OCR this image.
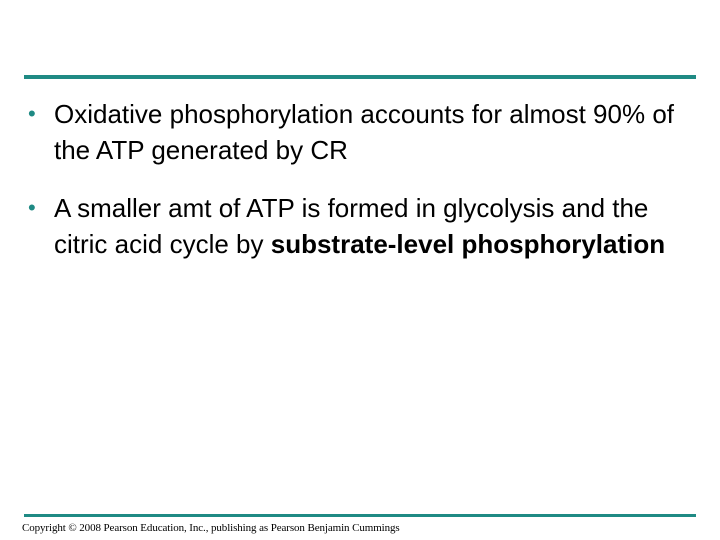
• Oxidative phosphorylation accounts for almost 90% of the ATP generated by CR
• A smaller amt of ATP is formed in glycolysis and the citric acid cycle by substrate-level phosphorylation
Copyright © 2008 Pearson Education, Inc., publishing as Pearson Benjamin Cummings
